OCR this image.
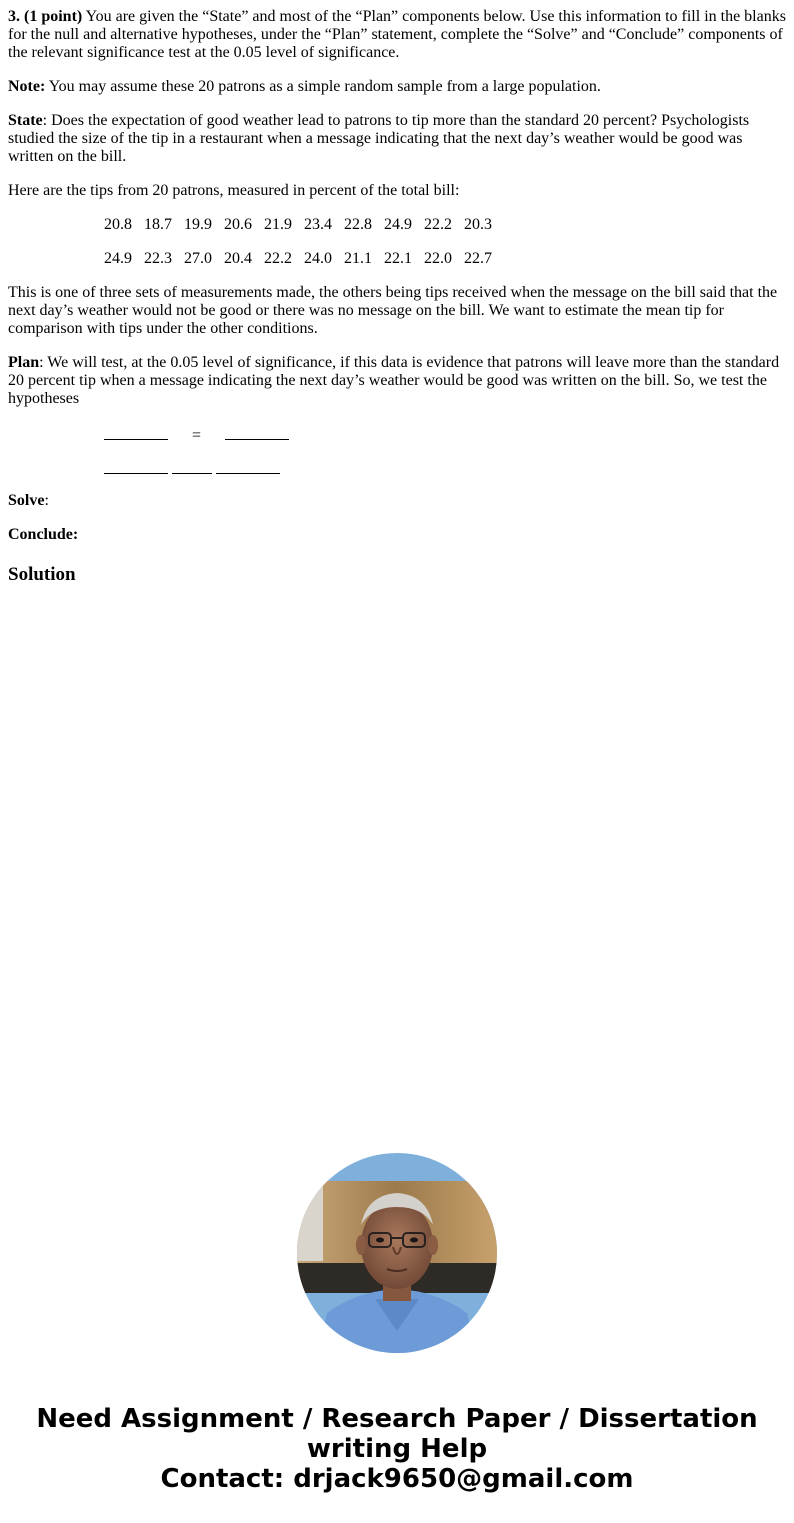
3. (1 point) You are given the “State” and most of the “Plan” components below. Use this information to fill in the blanks for the null and alternative hypotheses, under the “Plan” statement, complete the “Solve” and “Conclude” components of the relevant significance test at the 0.05 level of significance.

Note: You may assume these 20 patrons as a simple random sample from a large population.

State: Does the expectation of good weather lead to patrons to tip more than the standard 20 percent? Psychologists studied the size of the tip in a restaurant when a message indicating that the next day’s weather would be good was written on the bill.

Here are the tips from 20 patrons, measured in percent of the total bill:

20.8 18.7 19.9 20.6 21.9 23.4 22.8 24.9 22.2 20.3
24.9 22.3 27.0 20.4 22.2 24.0 21.1 22.1 22.0 22.7

This is one of three sets of measurements made, the others being tips received when the message on the bill said that the next day’s weather would not be good or there was no message on the bill. We want to estimate the mean tip for comparison with tips under the other conditions.

Plan: We will test, at the 0.05 level of significance, if this data is evidence that patrons will leave more than the standard 20 percent tip when a message indicating the next day’s weather would be good was written on the bill. So, we test the hypotheses

=

Solve:

Conclude:

Solution
Need Assignment / Research Paper / Dissertation
writing Help
Contact: drjack9650@gmail.com
